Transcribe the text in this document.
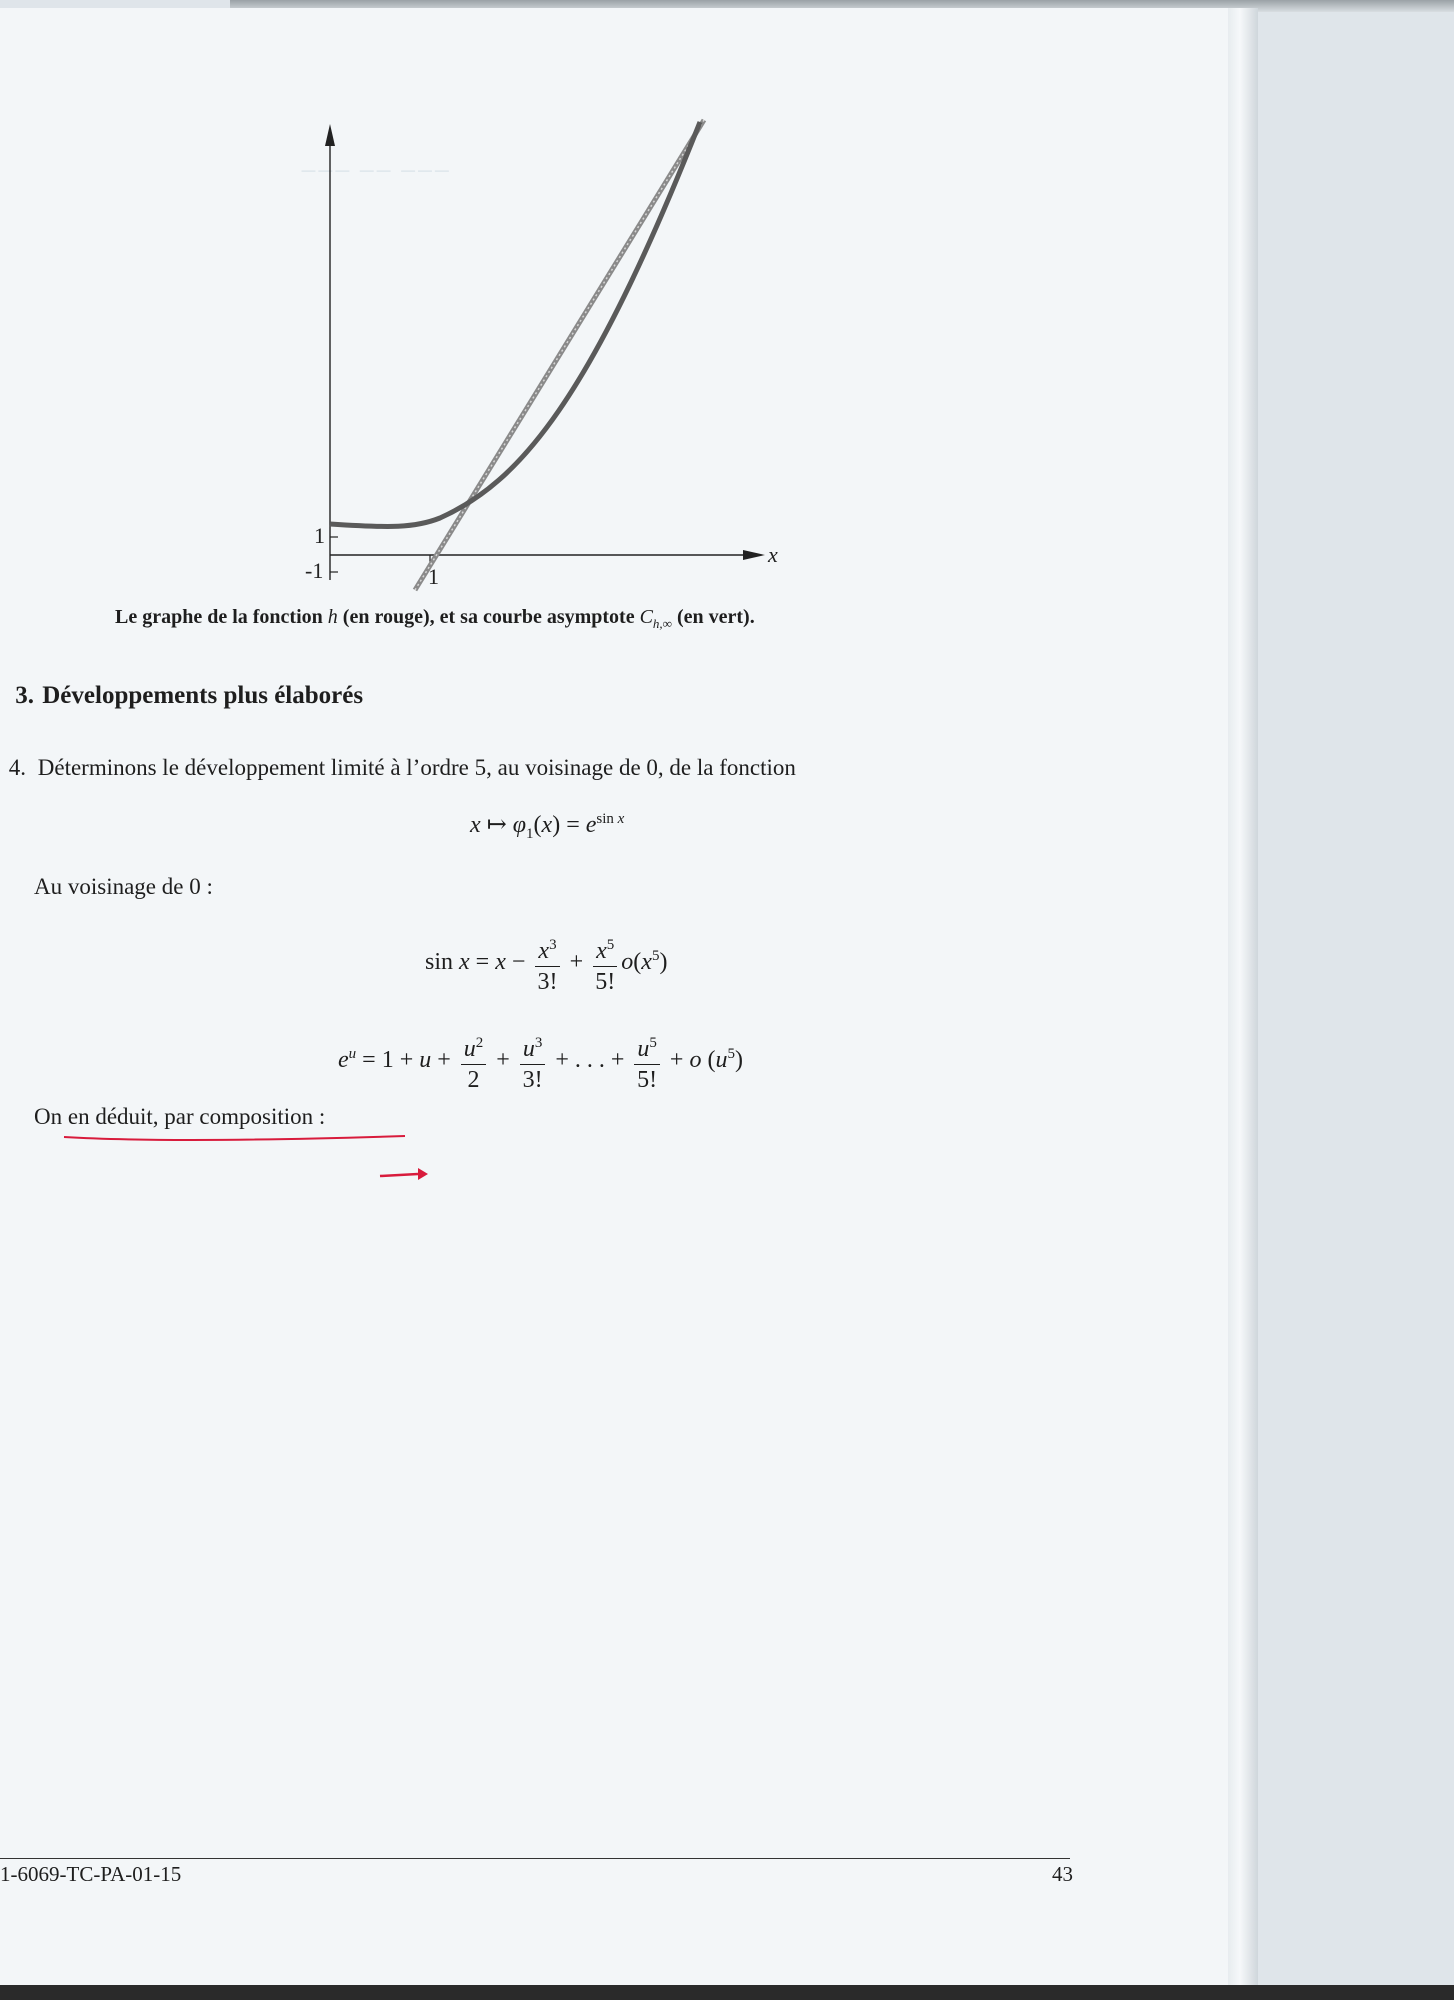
−−− −− −−−
1
-1	1
x
Le graphe de la fonction h (en rouge), et sa courbe asymptote $C_{h,\infty}$ (en vert).
3. Développements plus élaborés
4. Déterminons le développement limité à l’ordre 5, au voisinage de 0, de la fonction
x ↦ $\varphi_1(x) = e^{sin x}$
Au voisinage de 0 :
$\sin x = x - \frac{x^3}{3!} + \frac{x^5}{5!} o(x^5)$
$e^u = 1 + u + \frac{u^2}{2} + \frac{u^3}{3!}$ + . . . + $\frac{u^5}{5!} + o$ $(u^5)$
On en déduit, par composition :
1-6069-TC-PA-01-15	43
